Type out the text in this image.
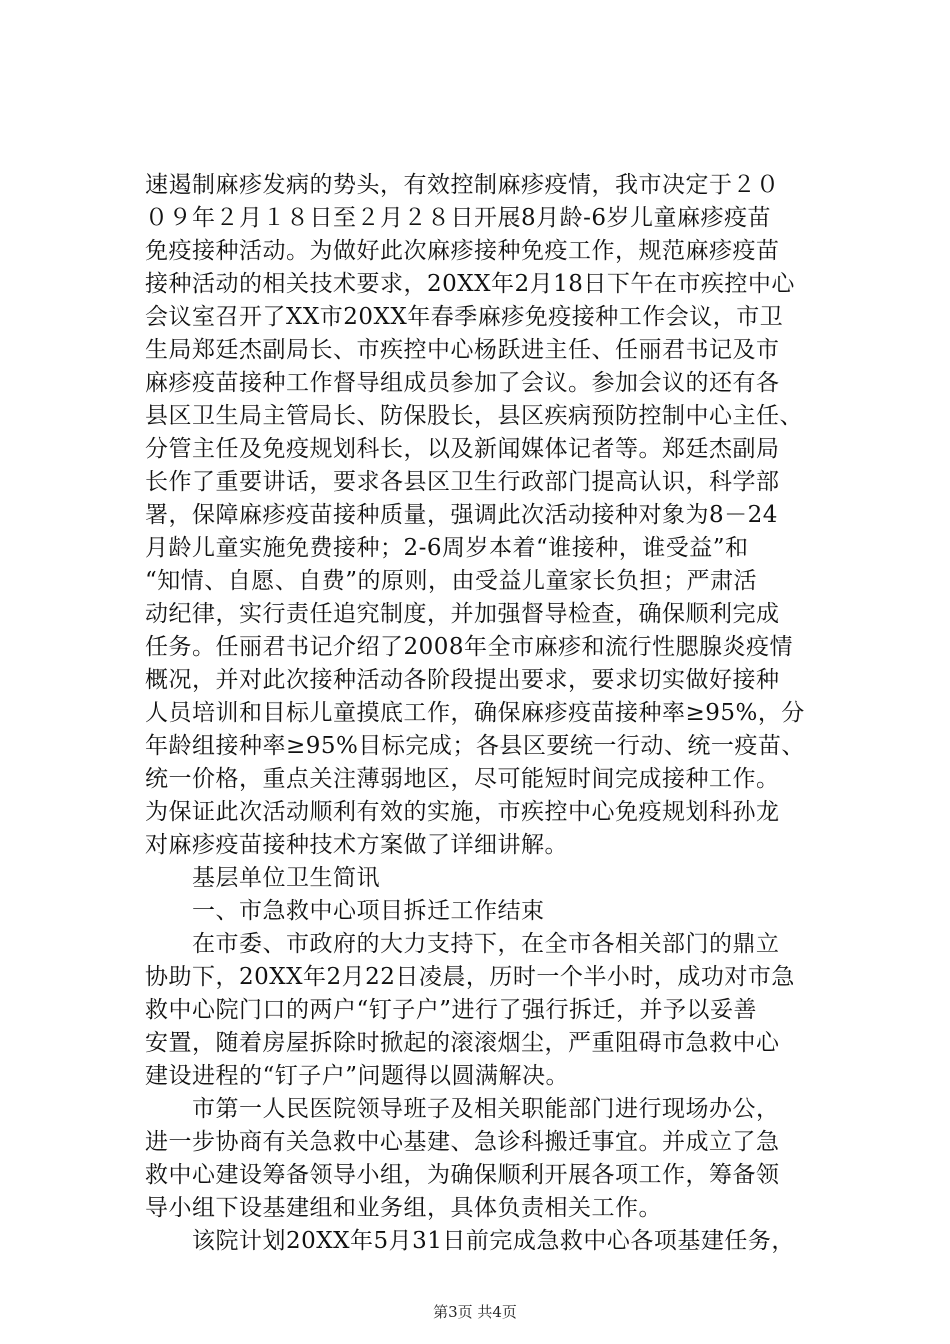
速遏制麻疹发病的势头，有效控制麻疹疫情，我市决定于２０
０９年２月１８日至２月２８日开展8月龄-6岁儿童麻疹疫苗
免疫接种活动。为做好此次麻疹接种免疫工作，规范麻疹疫苗
接种活动的相关技术要求，20XX年2月18日下午在市疾控中心
会议室召开了XX市20XX年春季麻疹免疫接种工作会议，市卫
生局郑廷杰副局长、市疾控中心杨跃进主任、任丽君书记及市
麻疹疫苗接种工作督导组成员参加了会议。参加会议的还有各
县区卫生局主管局长、防保股长，县区疾病预防控制中心主任、
分管主任及免疫规划科长，以及新闻媒体记者等。郑廷杰副局
长作了重要讲话，要求各县区卫生行政部门提高认识，科学部
署，保障麻疹疫苗接种质量，强调此次活动接种对象为8－24
月龄儿童实施免费接种；2-6周岁本着“谁接种，谁受益”和
“知情、自愿、自费”的原则，由受益儿童家长负担；严肃活
动纪律，实行责任追究制度，并加强督导检查，确保顺利完成
任务。任丽君书记介绍了2008年全市麻疹和流行性腮腺炎疫情
概况，并对此次接种活动各阶段提出要求，要求切实做好接种
人员培训和目标儿童摸底工作，确保麻疹疫苗接种率≥95%，分
年龄组接种率≥95%目标完成；各县区要统一行动、统一疫苗、
统一价格，重点关注薄弱地区，尽可能短时间完成接种工作。
为保证此次活动顺利有效的实施，市疾控中心免疫规划科孙龙
对麻疹疫苗接种技术方案做了详细讲解。
　　基层单位卫生简讯
　　一、市急救中心项目拆迁工作结束
　　在市委、市政府的大力支持下，在全市各相关部门的鼎立
协助下，20XX年2月22日凌晨，历时一个半小时，成功对市急
救中心院门口的两户“钉子户”进行了强行拆迁，并予以妥善
安置，随着房屋拆除时掀起的滚滚烟尘，严重阻碍市急救中心
建设进程的“钉子户”问题得以圆满解决。
　　市第一人民医院领导班子及相关职能部门进行现场办公，
进一步协商有关急救中心基建、急诊科搬迁事宜。并成立了急
救中心建设筹备领导小组，为确保顺利开展各项工作，筹备领
导小组下设基建组和业务组，具体负责相关工作。
　　该院计划20XX年5月31日前完成急救中心各项基建任务，
第3页 共4页
